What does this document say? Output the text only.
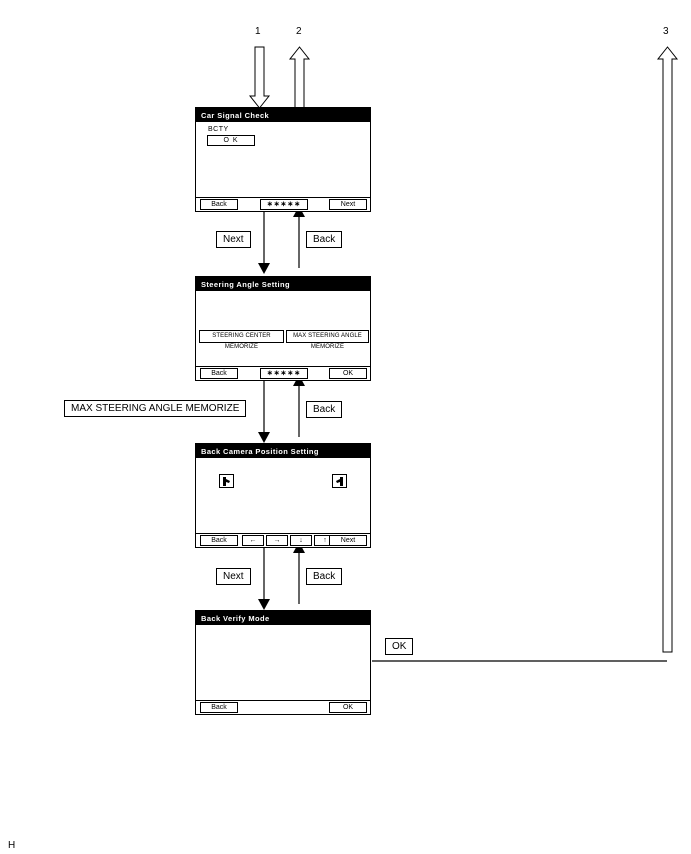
1	2	3
H
Car Signal Check
BCTY
O K
Back	∗∗∗∗∗	Next
Next	Back
Steering Angle Setting
STEERING CENTER MEMORIZE
MAX STEERING ANGLE MEMORIZE
Back	∗∗∗∗∗	OK
MAX STEERING ANGLE MEMORIZE	Back
Back Camera Position Setting
Back	←	→	↓	↑	Next
Next	Back
Back Verify Mode
Back	OK
OK
